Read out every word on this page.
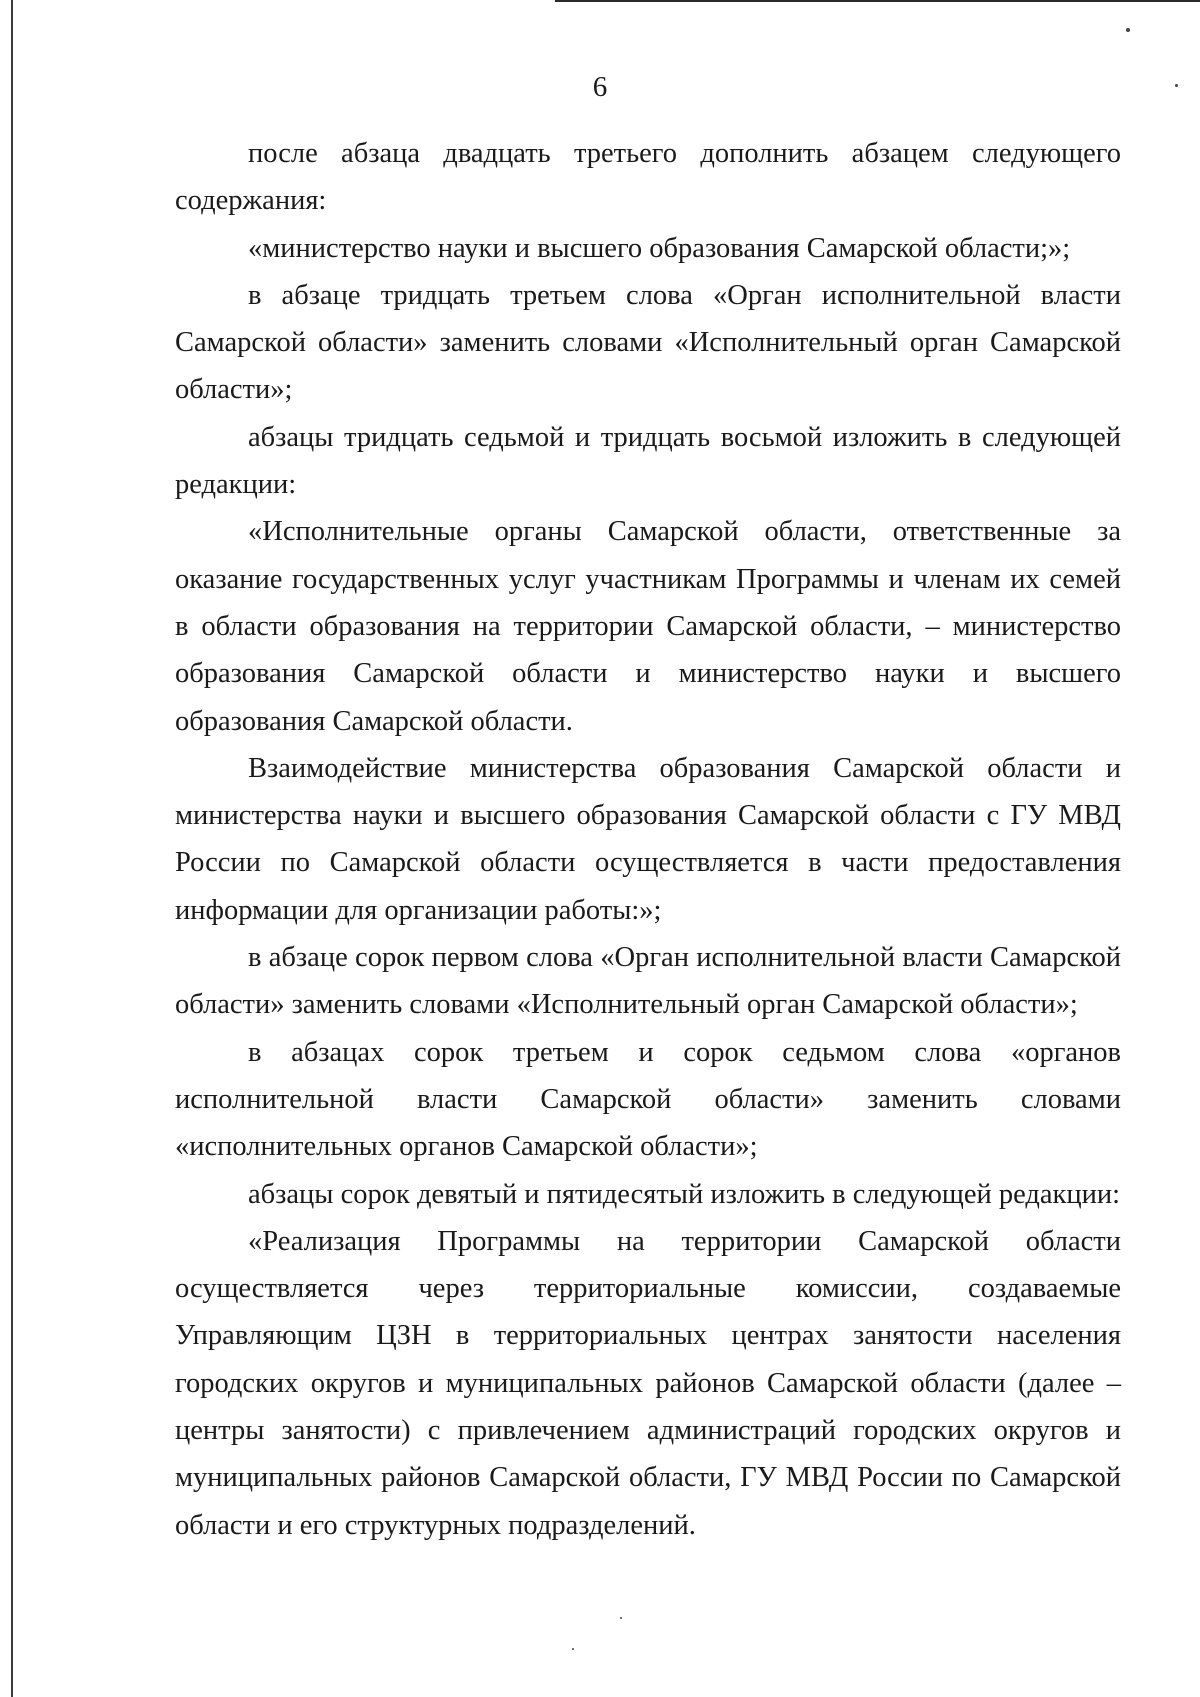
6

после абзаца двадцать третьего дополнить абзацем следующего содержания:

«министерство науки и высшего образования Самарской области;»;

в абзаце тридцать третьем слова «Орган исполнительной власти Самарской области» заменить словами «Исполнительный орган Самарской области»;

абзацы тридцать седьмой и тридцать восьмой изложить в следующей редакции:

«Исполнительные органы Самарской области, ответственные за оказание государственных услуг участникам Программы и членам их семей в области образования на территории Самарской области, – министерство образования Самарской области и министерство науки и высшего образования Самарской области.

Взаимодействие министерства образования Самарской области и министерства науки и высшего образования Самарской области с ГУ МВД России по Самарской области осуществляется в части предоставления информации для организации работы:»;

в абзаце сорок первом слова «Орган исполнительной власти Самарской области» заменить словами «Исполнительный орган Самарской области»;

в абзацах сорок третьем и сорок седьмом слова «органов исполнительной власти Самарской области» заменить словами «исполнительных органов Самарской области»;

абзацы сорок девятый и пятидесятый изложить в следующей редакции:

«Реализация Программы на территории Самарской области осуществляется через территориальные комиссии, создаваемые Управляющим ЦЗН в территориальных центрах занятости населения городских округов и муниципальных районов Самарской области (далее – центры занятости) с привлечением администраций городских округов и муниципальных районов Самарской области, ГУ МВД России по Самарской области и его структурных подразделений.
